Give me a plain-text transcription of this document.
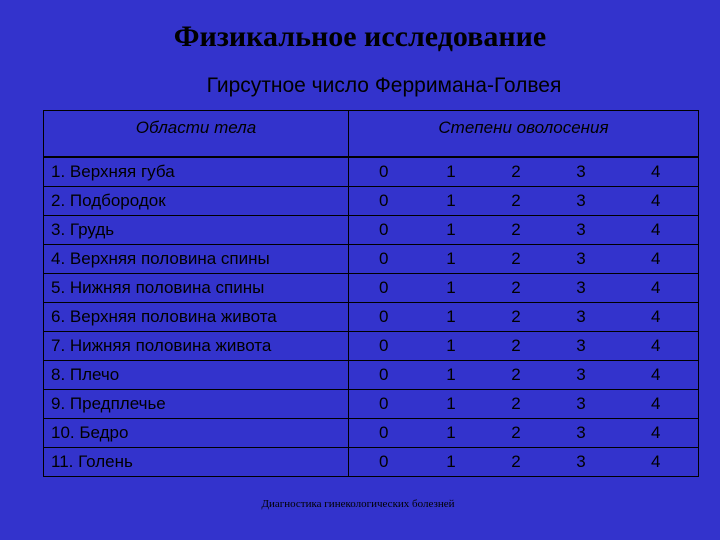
Физикальное исследование
Гирсутное число Ферримана-Голвея
Области тела	Степени оволосения				
1. Верхняя губа	0	1	2	3	4
2. Подбородок	0	1	2	3	4
3. Грудь	0	1	2	3	4
4. Верхняя половина спины	0	1	2	3	4
5. Нижняя половина спины	0	1	2	3	4
6. Верхняя половина живота	0	1	2	3	4
7. Нижняя половина живота	0	1	2	3	4
8. Плечо	0	1	2	3	4
9. Предплечье	0	1	2	3	4
10. Бедро	0	1	2	3	4
11. Голень	0	1	2	3	4
Диагностика гинекологических болезней
